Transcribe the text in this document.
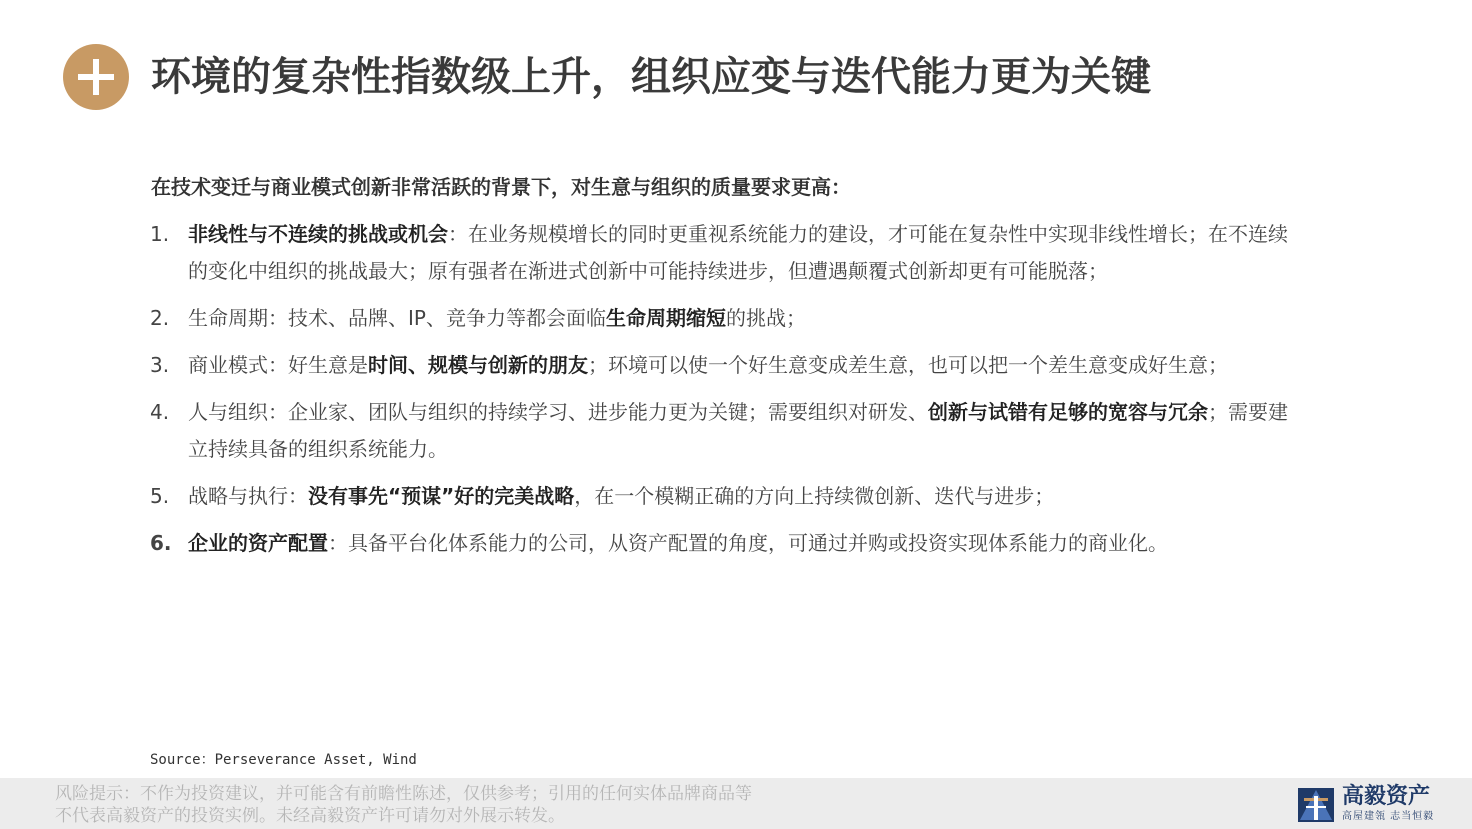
环境的复杂性指数级上升，组织应变与迭代能力更为关键

在技术变迁与商业模式创新非常活跃的背景下，对生意与组织的质量要求更高：

1. 非线性与不连续的挑战或机会：在业务规模增长的同时更重视系统能力的建设，才可能在复杂性中实现非线性增长；在不连续的变化中组织的挑战最大；原有强者在渐进式创新中可能持续进步，但遭遇颠覆式创新却更有可能脱落；
2. 生命周期：技术、品牌、IP、竞争力等都会面临生命周期缩短的挑战；
3. 商业模式：好生意是时间、规模与创新的朋友；环境可以使一个好生意变成差生意，也可以把一个差生意变成好生意；
4. 人与组织：企业家、团队与组织的持续学习、进步能力更为关键；需要组织对研发、创新与试错有足够的宽容与冗余；需要建立持续具备的组织系统能力。
5. 战略与执行：没有事先“预谋”好的完美战略，在一个模糊正确的方向上持续微创新、迭代与进步；
6. 企业的资产配置：具备平台化体系能力的公司，从资产配置的角度，可通过并购或投资实现体系能力的商业化。

Source：Perseverance Asset, Wind

风险提示：不作为投资建议，并可能含有前瞻性陈述，仅供参考；引用的任何实体品牌商品等不代表高毅资产的投资实例。未经高毅资产许可请勿对外展示转发。

高毅资产
高屋建瓴 志当恒毅
